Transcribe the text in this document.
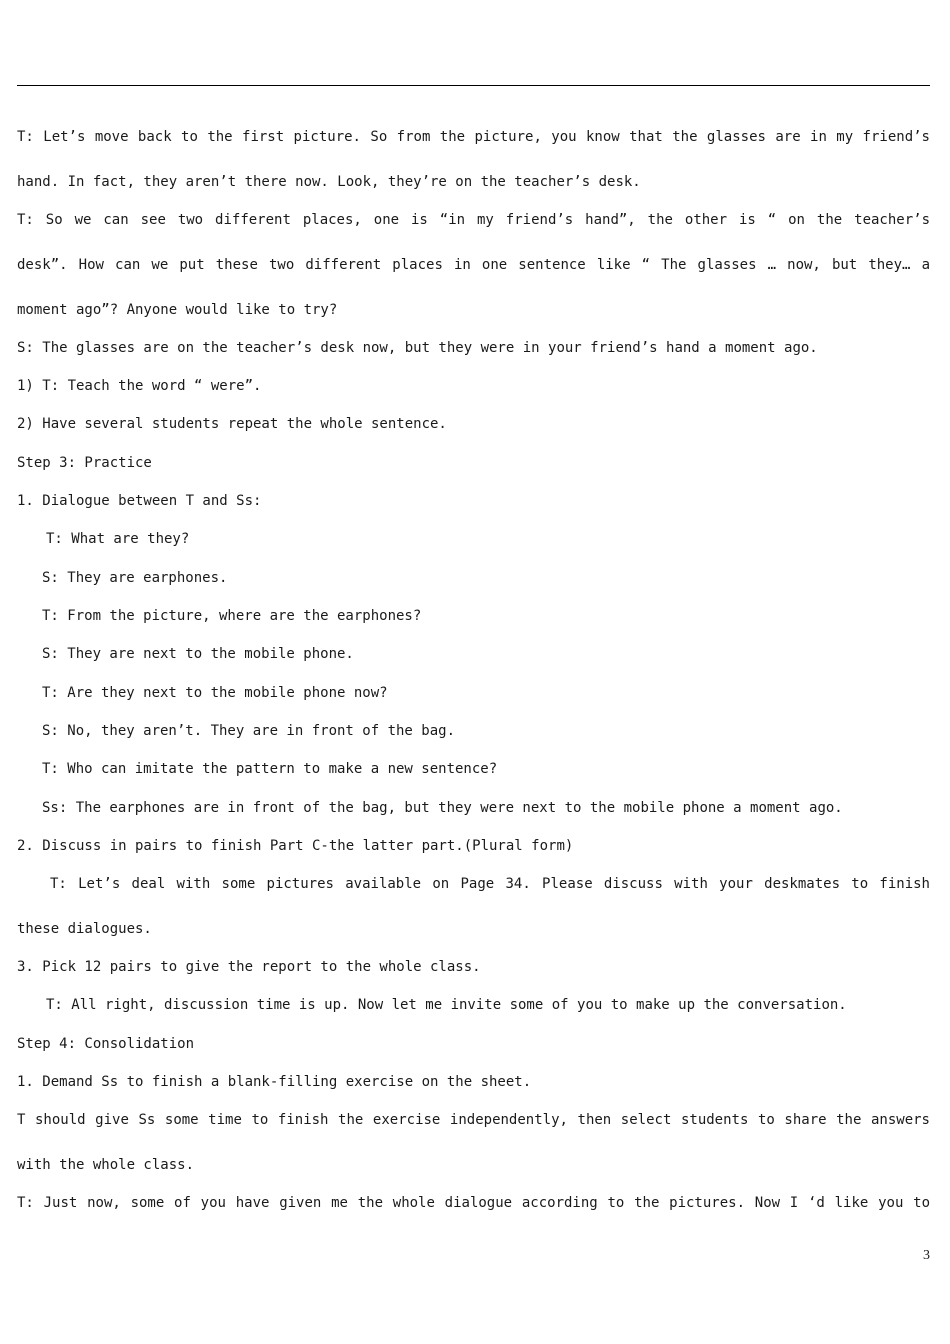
T: Let’s move back to the first picture. So from the picture, you know that the glasses are in my friend’s
hand. In fact, they aren’t there now. Look, they’re on the teacher’s desk.
T: So we can see two different places, one is “in my friend’s hand”, the other is “ on the teacher’s
desk”. How can we put these two different places in one sentence like “ The glasses … now, but they… a
moment ago”? Anyone would like to try?
S: The glasses are on the teacher’s desk now, but they were in your friend’s hand a moment ago.
1) T: Teach the word “ were”.
2) Have several students repeat the whole sentence.
Step 3: Practice
1. Dialogue between T and Ss:
T: What are they?
S: They are earphones.
T: From the picture, where are the earphones?
S: They are next to the mobile phone.
T: Are they next to the mobile phone now?
S: No, they aren’t. They are in front of the bag.
T: Who can imitate the pattern to make a new sentence?
Ss: The earphones are in front of the bag, but they were next to the mobile phone a moment ago.
2. Discuss in pairs to finish Part C-the latter part.(Plural form)
T: Let’s deal with some pictures available on Page 34. Please discuss with your deskmates to finish
these dialogues.
3. Pick 12 pairs to give the report to the whole class.
T: All right, discussion time is up. Now let me invite some of you to make up the conversation.
Step 4: Consolidation
1. Demand Ss to finish a blank-filling exercise on the sheet.
T should give Ss some time to finish the exercise independently, then select students to share the answers
with the whole class.
T: Just now, some of you have given me the whole dialogue according to the pictures. Now I ‘d like you to
3
